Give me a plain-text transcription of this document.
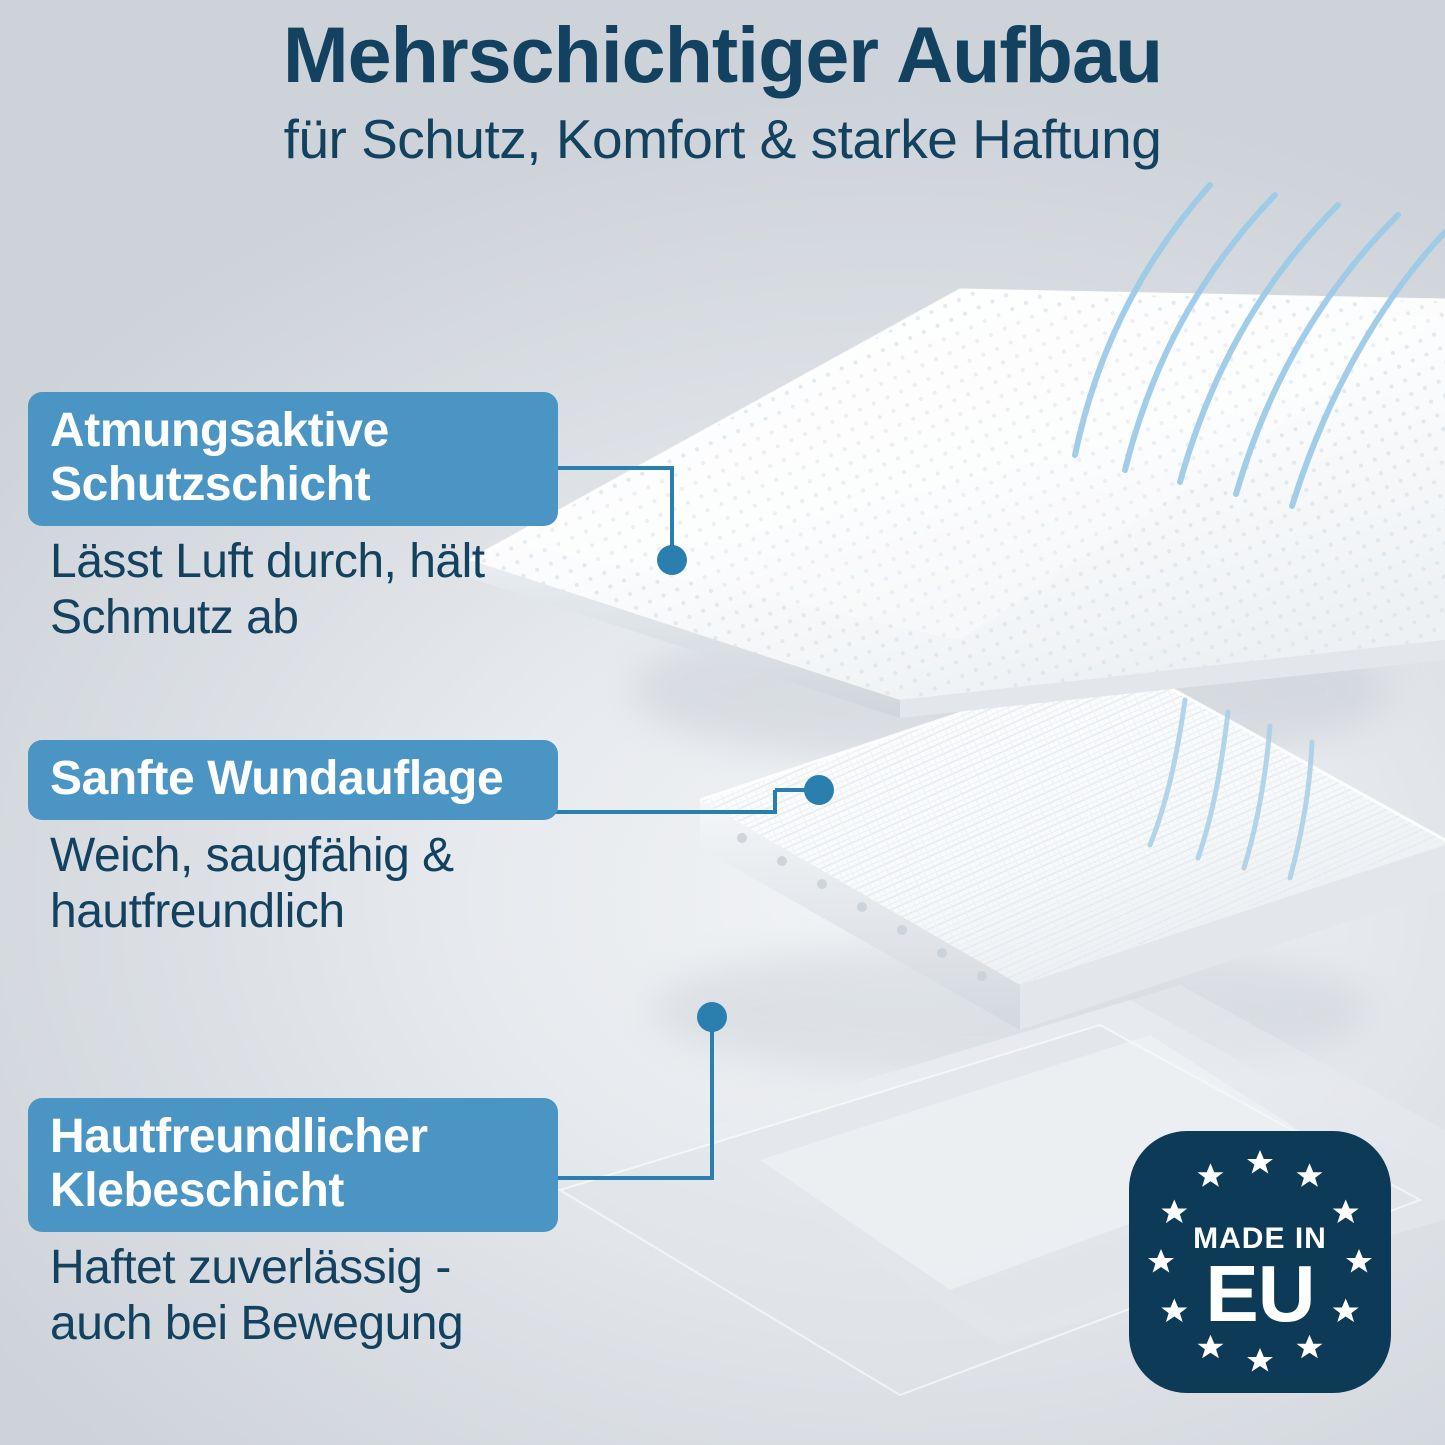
Mehrschichtiger Aufbau

für Schutz, Komfort & starke Haftung

Atmungsaktive Schutzschicht
Lässt Luft durch, hält Schmutz ab
Sanfte Wundauflage
Weich, saugfähig & hautfreundlich
Hautfreundlicher Klebeschicht
Haftet zuverlässig - auch bei Bewegung
MADE IN
EU
